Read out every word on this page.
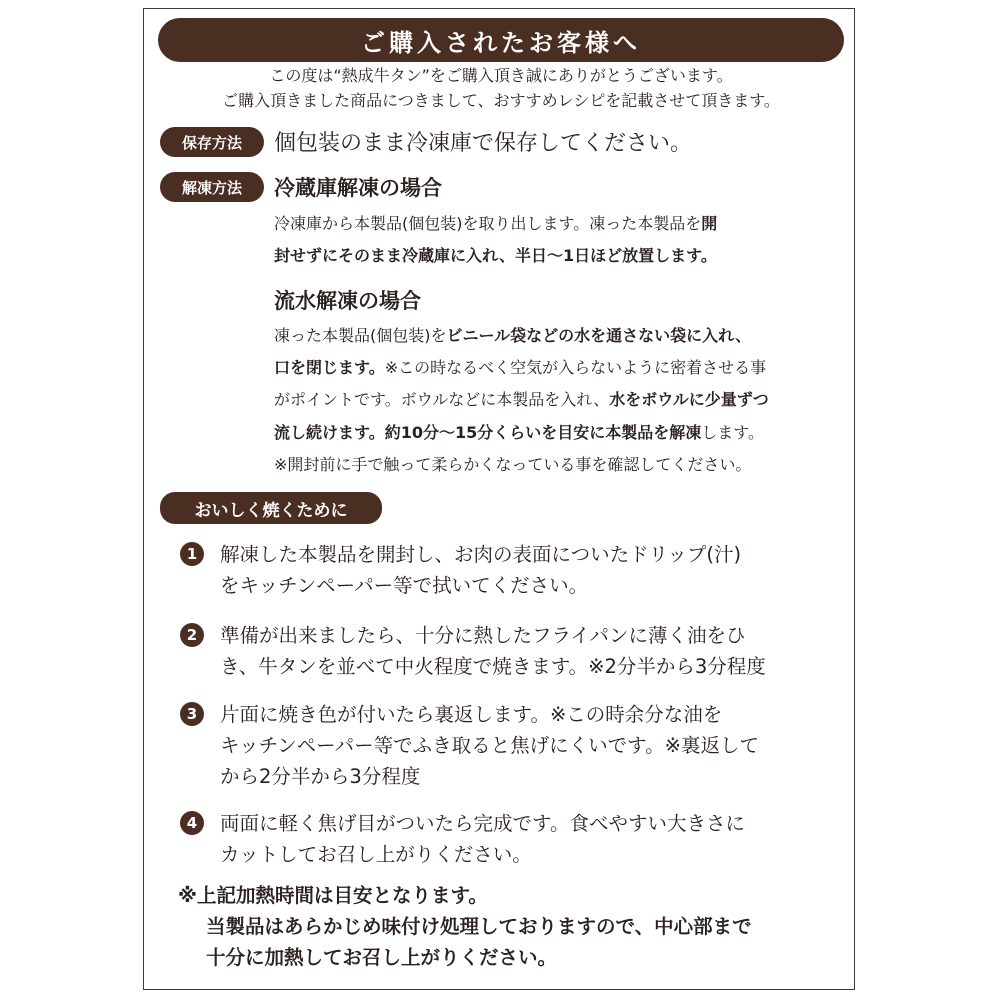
ご購入されたお客様へ
この度は“熱成牛タン”をご購入頂き誠にありがとうございます。
ご購入頂きました商品につきまして、おすすめレシピを記載させて頂きます。
保存方法	個包装のまま冷凍庫で保存してください。
解凍方法	冷蔵庫解凍の場合
冷凍庫から本製品(個包装)を取り出します。凍った本製品を開
封せずにそのまま冷蔵庫に入れ、半日〜1日ほど放置します。
流水解凍の場合
凍った本製品(個包装)をビニール袋などの水を通さない袋に入れ、
口を閉じます。※この時なるべく空気が入らないように密着させる事
がポイントです。ボウルなどに本製品を入れ、水をボウルに少量ずつ
流し続けます。約10分〜15分くらいを目安に本製品を解凍します。
※開封前に手で触って柔らかくなっている事を確認してください。
おいしく焼くために
1	解凍した本製品を開封し、お肉の表面についたドリップ(汁)
をキッチンペーパー等で拭いてください。
2	準備が出来ましたら、十分に熱したフライパンに薄く油をひ
き、牛タンを並べて中火程度で焼きます。※2分半から3分程度
3	片面に焼き色が付いたら裏返します。※この時余分な油を
キッチンペーパー等でふき取ると焦げにくいです。※裏返して
から2分半から3分程度
4	両面に軽く焦げ目がついたら完成です。食べやすい大きさに
カットしてお召し上がりください。
※上記加熱時間は目安となります。
当製品はあらかじめ味付け処理しておりますので、中心部まで
十分に加熱してお召し上がりください。
